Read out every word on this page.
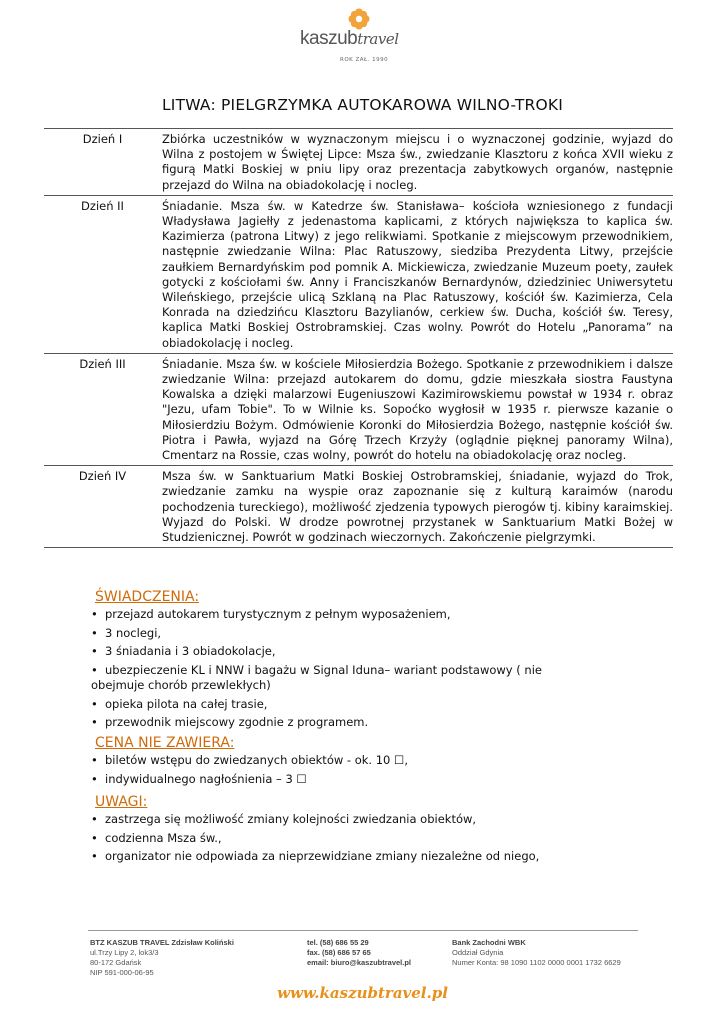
kaszubtravel
ROK ZAŁ. 1990
LITWA: PIELGRZYMKA AUTOKAROWA WILNO-TROKI
Dzień I	Zbiórka uczestników w wyznaczonym miejscu i o wyznaczonej godzinie, wyjazd do Wilna z postojem w Świętej Lipce: Msza św., zwiedzanie Klasztoru z końca XVII wieku z figurą Matki Boskiej w pniu lipy oraz prezentacja zabytkowych organów, następnie przejazd do Wilna na obiadokolację i nocleg.
Dzień II	Śniadanie. Msza św. w Katedrze św. Stanisława– kościoła wzniesionego z fundacji Władysława Jagiełły z jedenastoma kaplicami, z których największa to kaplica św. Kazimierza (patrona Litwy) z jego relikwiami. Spotkanie z miejscowym przewodnikiem, następnie zwiedzanie Wilna: Plac Ratuszowy, siedziba Prezydenta Litwy, przejście zaułkiem Bernardyńskim pod pomnik A. Mickiewicza, zwiedzanie Muzeum poety, zaułek gotycki z kościołami św. Anny i Franciszkanów Bernardynów, dziedziniec Uniwersytetu Wileńskiego, przejście ulicą Szklaną na Plac Ratuszowy, kościół św. Kazimierza, Cela Konrada na dziedzińcu Klasztoru Bazylianów, cerkiew św. Ducha, kościół św. Teresy, kaplica Matki Boskiej Ostrobramskiej. Czas wolny. Powrót do Hotelu „Panorama” na obiadokolację i nocleg.
Dzień III	Śniadanie. Msza św. w kościele Miłosierdzia Bożego. Spotkanie z przewodnikiem i dalsze zwiedzanie Wilna: przejazd autokarem do domu, gdzie mieszkała siostra Faustyna Kowalska a dzięki malarzowi Eugeniuszowi Kazimirowskiemu powstał w 1934 r. obraz "Jezu, ufam Tobie". To w Wilnie ks. Sopoćko wygłosił w 1935 r. pierwsze kazanie o Miłosierdziu Bożym. Odmówienie Koronki do Miłosierdzia Bożego, następnie kościół św. Piotra i Pawła, wyjazd na Górę Trzech Krzyży (oglądnie pięknej panoramy Wilna), Cmentarz na Rossie, czas wolny, powrót do hotelu na obiadokolację oraz nocleg.
Dzień IV	Msza św. w Sanktuarium Matki Boskiej Ostrobramskiej, śniadanie, wyjazd do Trok, zwiedzanie zamku na wyspie oraz zapoznanie się z kulturą karaimów (narodu pochodzenia tureckiego), możliwość zjedzenia typowych pierogów tj. kibiny karaimskiej. Wyjazd do Polski. W drodze powrotnej przystanek w Sanktuarium Matki Bożej w Studzienicznej. Powrót w godzinach wieczornych. Zakończenie pielgrzymki.
ŚWIADCZENIA:
• przejazd autokarem turystycznym z pełnym wyposażeniem,
• 3 noclegi,
• 3 śniadania i 3 obiadokolacje,
• ubezpieczenie KL i NNW i bagażu w Signal Iduna– wariant podstawowy ( nie obejmuje chorób przewlekłych)
• opieka pilota na całej trasie,
• przewodnik miejscowy zgodnie z programem.
CENA NIE ZAWIERA:
• biletów wstępu do zwiedzanych obiektów - ok. 10 ☐,
• indywidualnego nagłośnienia – 3 ☐
UWAGI:
• zastrzega się możliwość zmiany kolejności zwiedzania obiektów,
• codzienna Msza św.,
• organizator nie odpowiada za nieprzewidziane zmiany niezależne od niego,
BTZ KASZUB TRAVEL Zdzisław Koliński
ul.Trzy Lipy 2, lok3/3
80-172 Gdańsk
NIP 591-000-06-95
tel. (58) 686 55 29
fax. (58) 686 57 65
email: biuro@kaszubtravel.pl
Bank Zachodni WBK
Oddział Gdynia
Numer Konta: 98 1090 1102 0000 0001 1732 6629
www.kaszubtravel.pl
